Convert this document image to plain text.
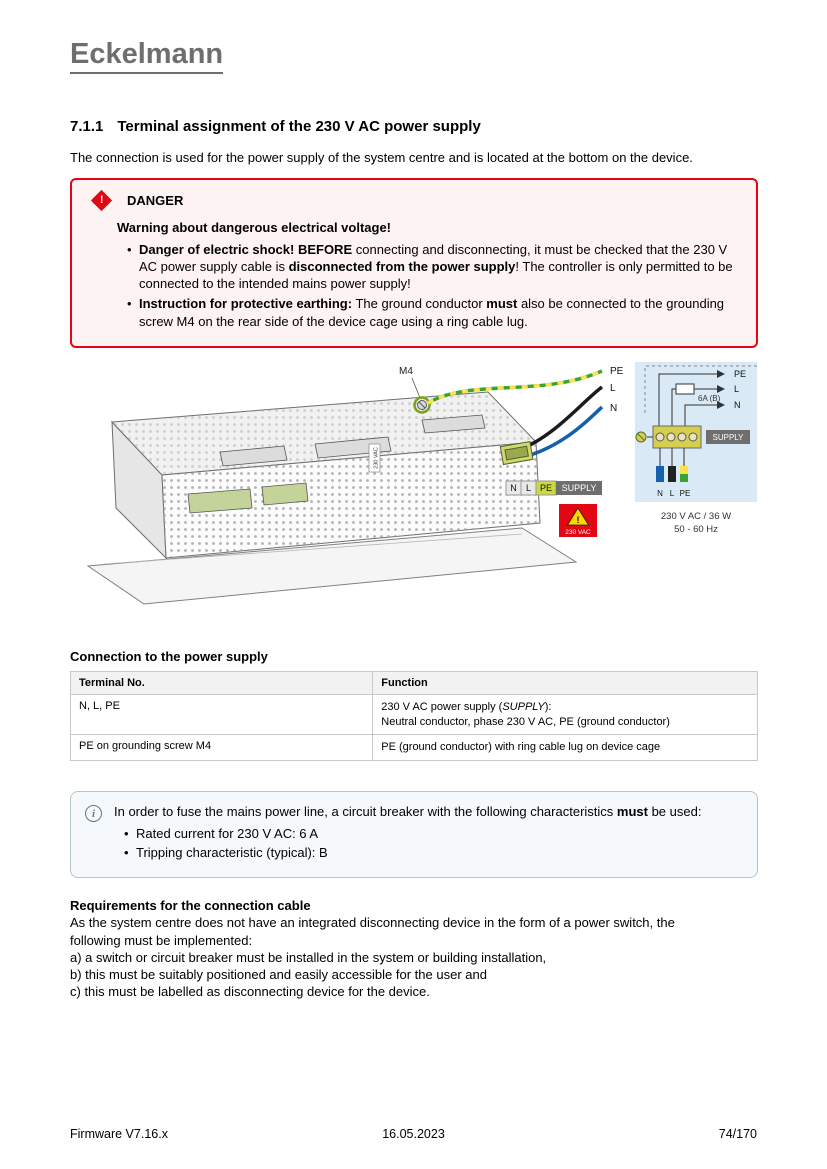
Eckelmann
7.1.1 Terminal assignment of the 230 V AC power supply

The connection is used for the power supply of the system centre and is located at the bottom on the device.

! DANGER
Warning about dangerous electrical voltage!
• Danger of electric shock! BEFORE connecting and disconnecting, it must be checked that the 230 V AC power supply cable is disconnected from the power supply! The controller is only permitted to be connected to the intended mains power supply!
• Instruction for protective earthing: The ground conductor must also be connected to the grounding screw M4 on the rear side of the device cage using a ring cable lug.
230 VAC
M4	PE
L
N
N L PE SUPPLY
!
230 VAC
PE
L
N
6A (B)
SUPPLY
N L PE
230 V AC / 36 W
50 - 60 Hz
Connection to the power supply
Terminal No.	Function
N, L, PE	230 V AC power supply (SUPPLY):
Neutral conductor, phase 230 V AC, PE (ground conductor)

PE on grounding screw M4	PE (ground conductor) with ring cable lug on device cage
i	In order to fuse the mains power line, a circuit breaker with the following characteristics must be used:
• Rated current for 230 V AC: 6 A
• Tripping characteristic (typical): B
Requirements for the connection cable
As the system centre does not have an integrated disconnecting device in the form of a power switch, the
following must be implemented:
a) a switch or circuit breaker must be installed in the system or building installation,
b) this must be suitably positioned and easily accessible for the user and
c) this must be labelled as disconnecting device for the device.
Firmware V7.16.x	16.05.2023	74/170
